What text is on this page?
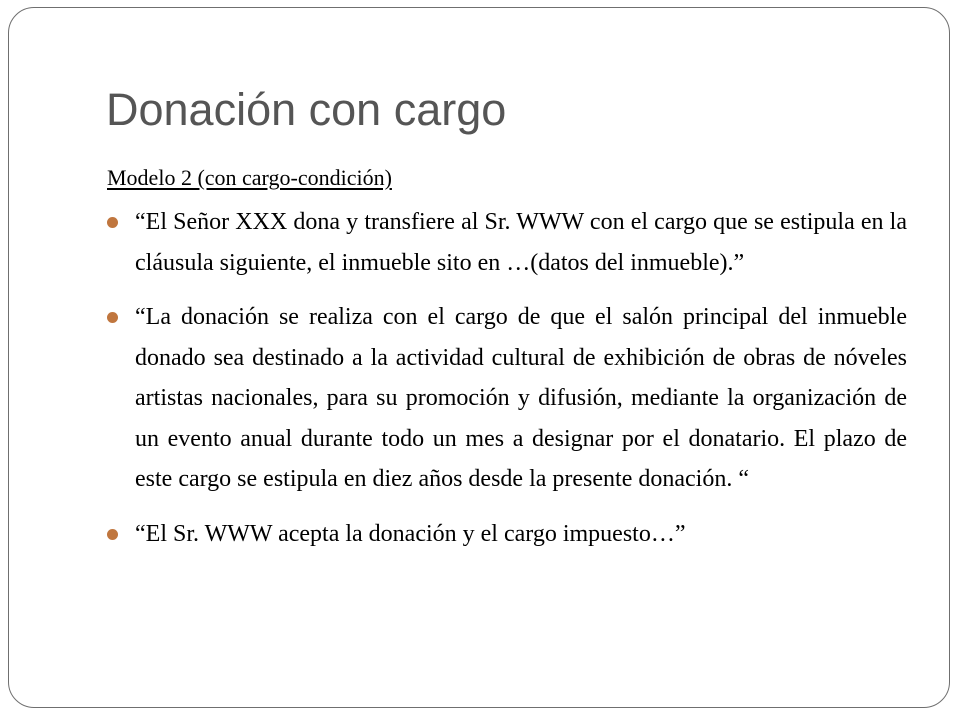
Donación con cargo
Modelo 2 (con cargo-condición)
“El Señor XXX dona y transfiere al Sr. WWW con el cargo que se estipula en la cláusula siguiente, el inmueble sito en …(datos del inmueble).”
“La donación se realiza con el cargo de que el salón principal del inmueble donado sea destinado a la actividad cultural de exhibición de obras de nóveles artistas nacionales, para su promoción y difusión, mediante la organización de un evento anual durante todo un mes a designar por el donatario. El plazo de este cargo se estipula en diez años desde la presente donación. “
“El Sr. WWW acepta la donación y el cargo impuesto…”
